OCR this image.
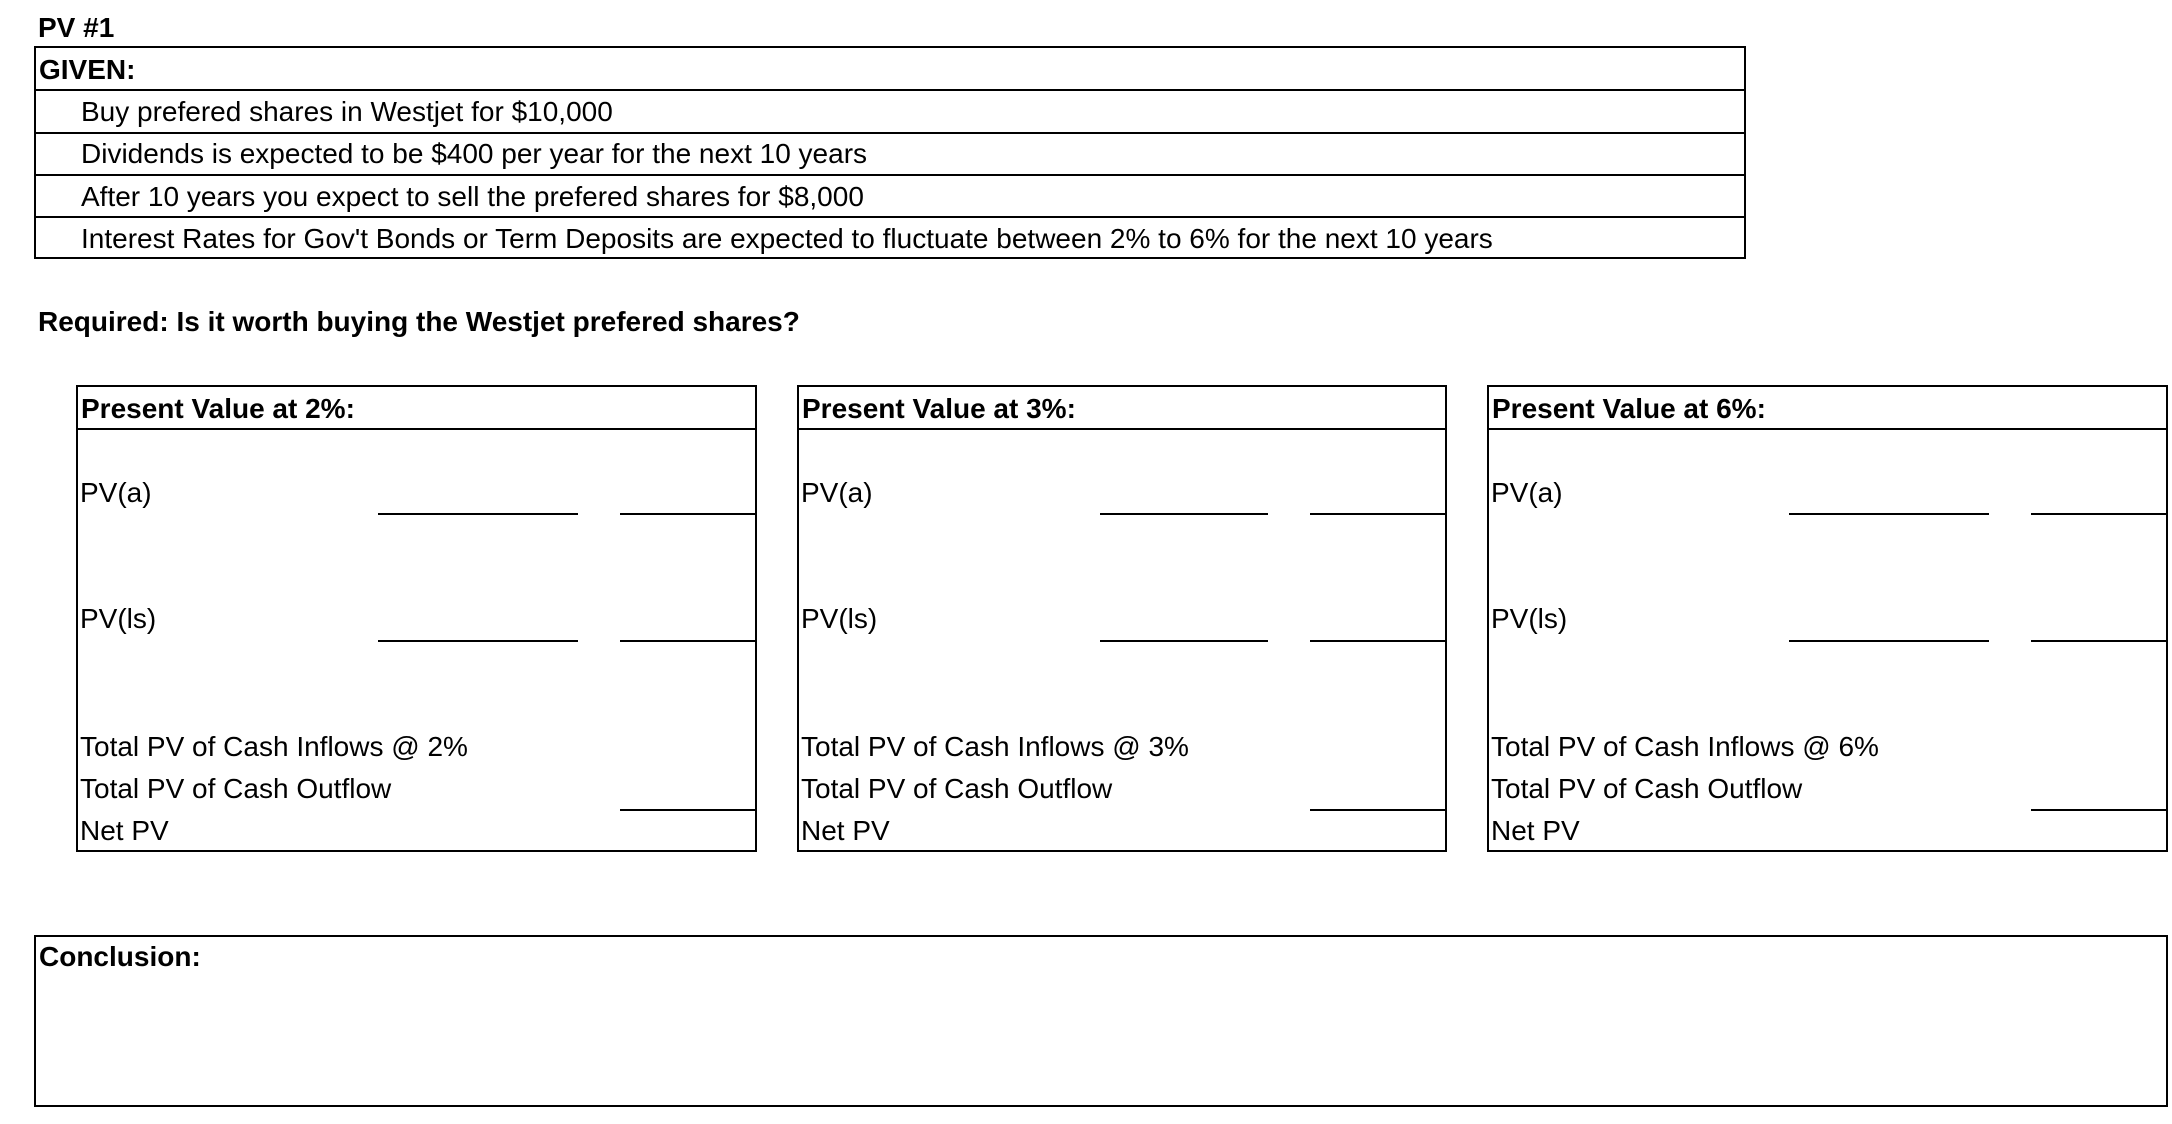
PV #1
GIVEN:
Buy prefered shares in Westjet for $10,000
Dividends is expected to be $400 per year for the next 10 years
After 10 years you expect to sell the prefered shares for $8,000
Interest Rates for Gov't Bonds or Term Deposits are expected to fluctuate between 2% to 6% for the next 10 years
Required: Is it worth buying the Westjet prefered shares?
Present Value at 2%:
PV(a)
PV(ls)
Total PV of Cash Inflows @ 2%
Total PV of Cash Outflow
Net PV
Present Value at 3%:
PV(a)
PV(ls)
Total PV of Cash Inflows @ 3%
Total PV of Cash Outflow
Net PV
Present Value at 6%:
PV(a)
PV(ls)
Total PV of Cash Inflows @ 6%
Total PV of Cash Outflow
Net PV
Conclusion:
